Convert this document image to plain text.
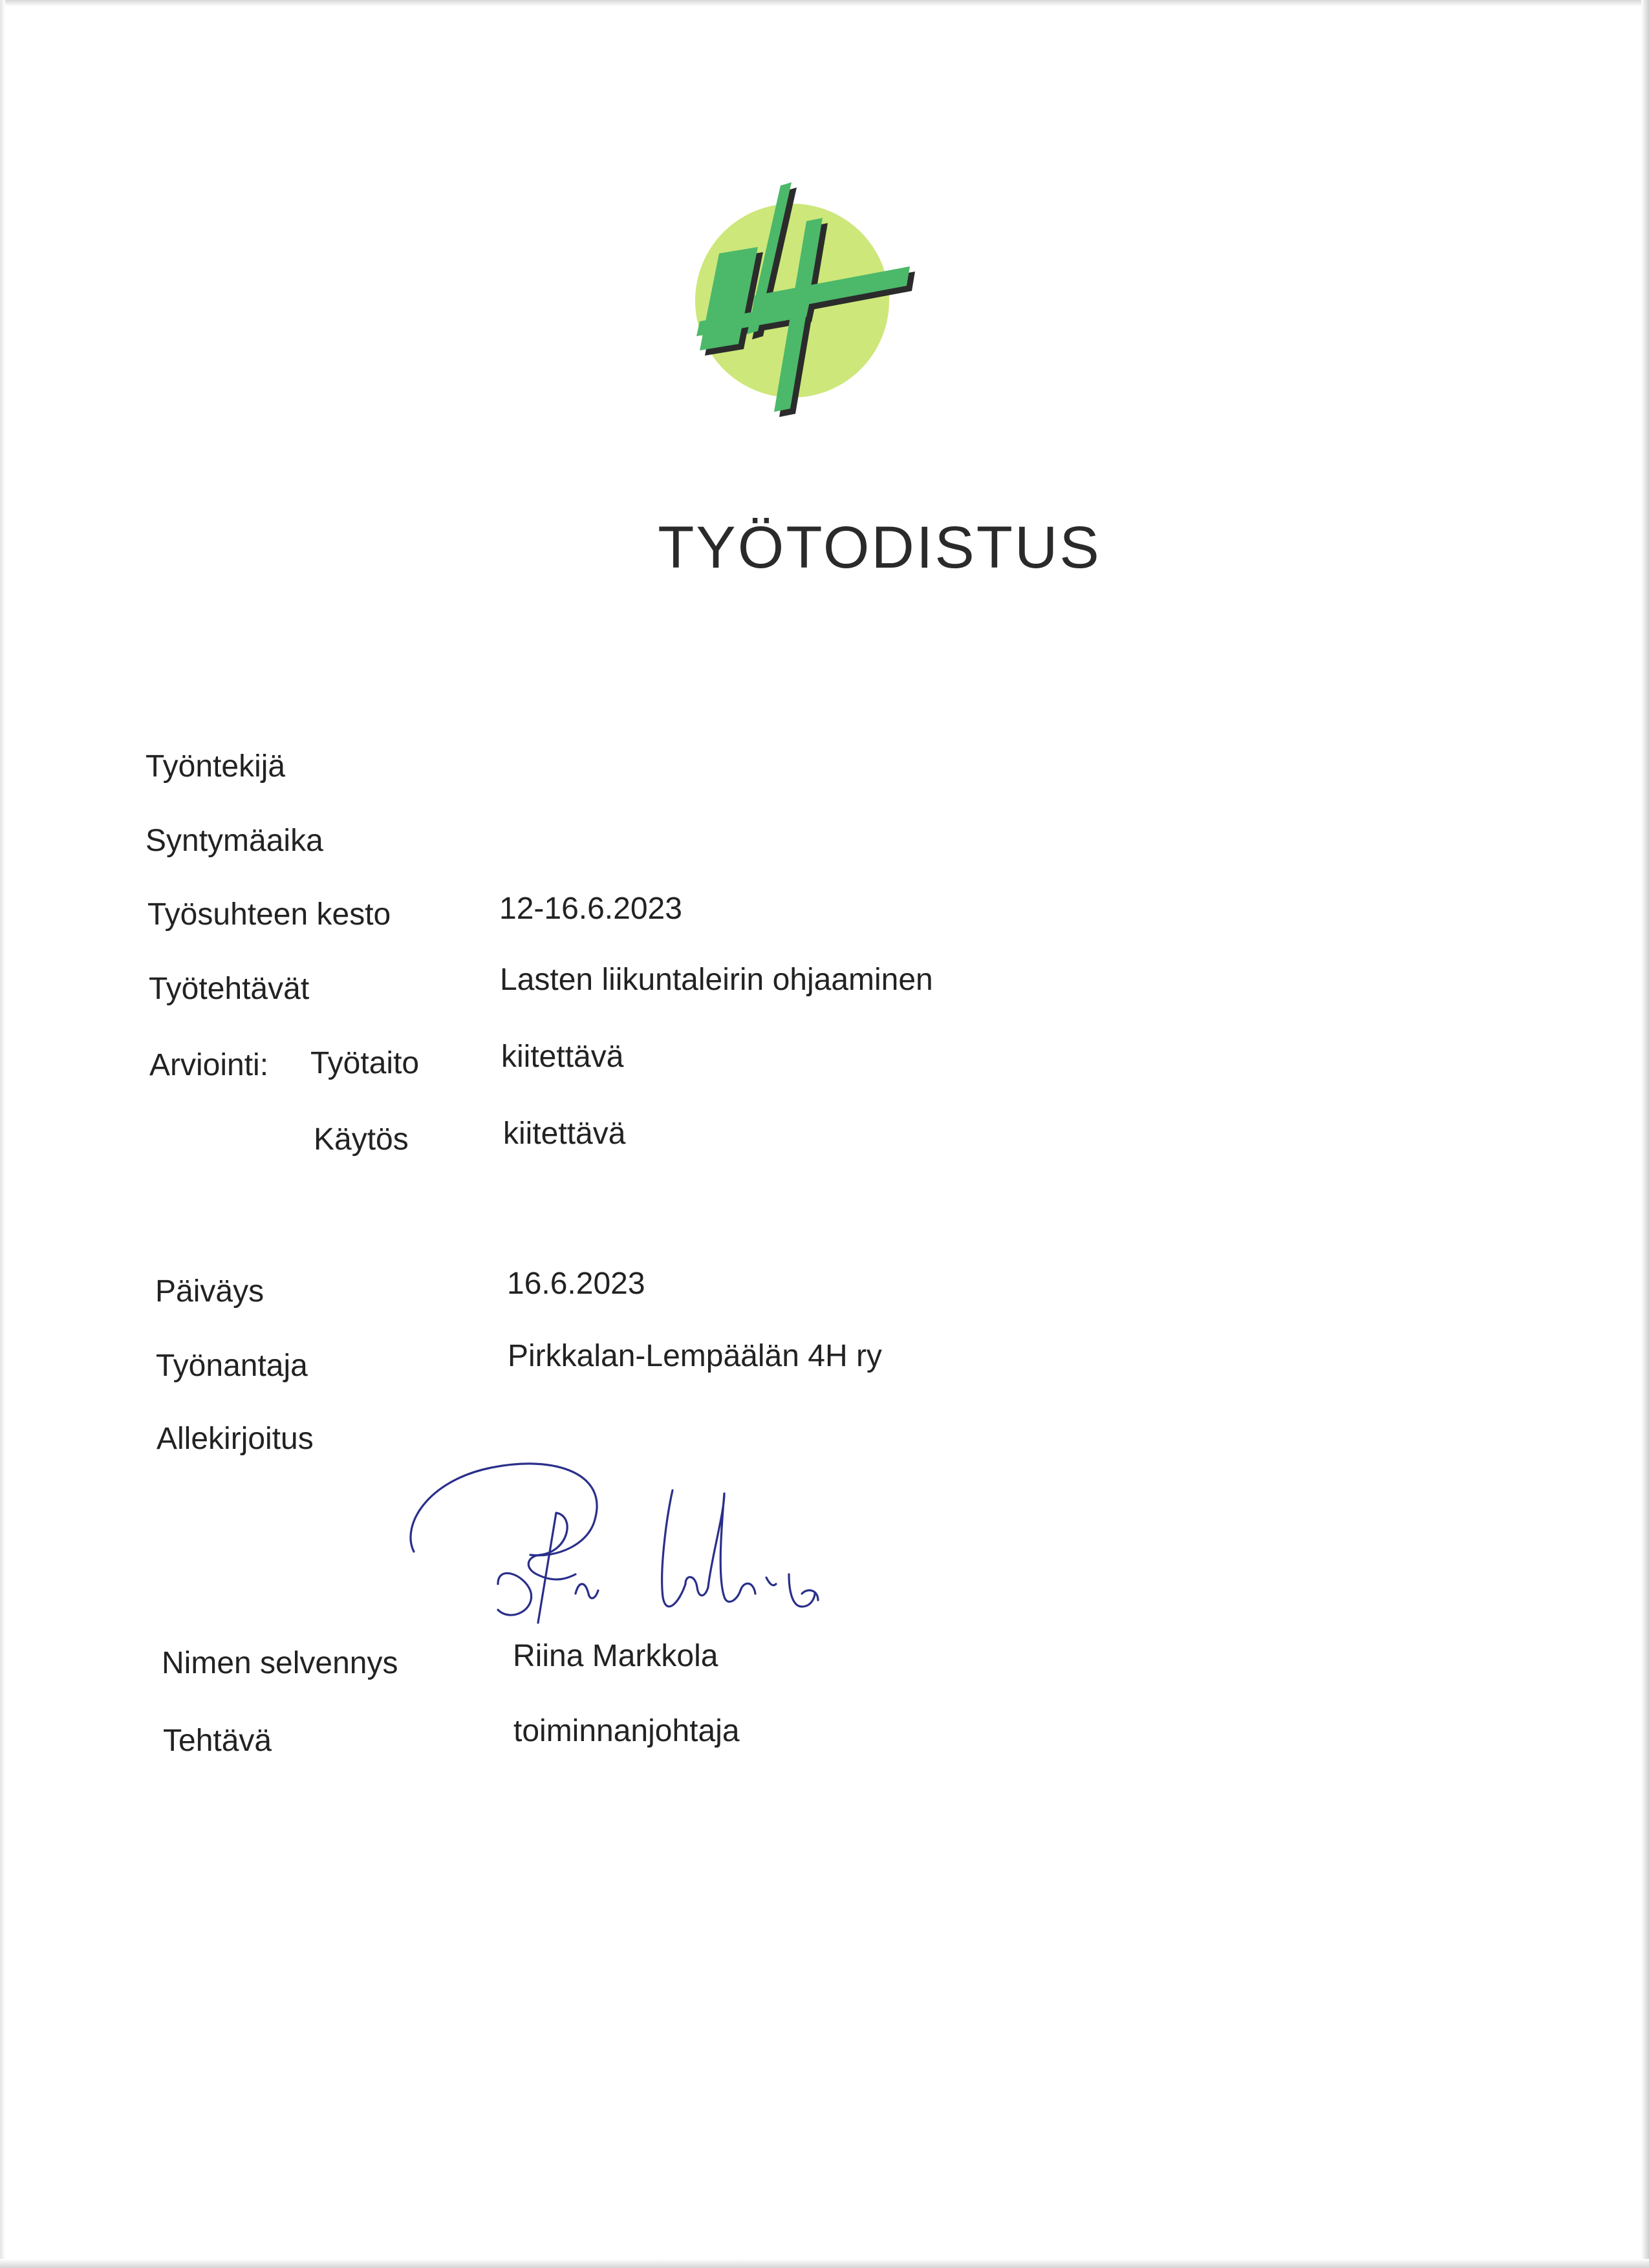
TYÖTODISTUS
Työntekijä
Syntymäaika
Työsuhteen kesto	12-16.6.2023
Työtehtävät	Lasten liikuntaleirin ohjaaminen
Arviointi: Työtaito	kiitettävä
Käytös	kiitettävä
Päiväys	16.6.2023
Työnantaja	Pirkkalan-Lempäälän 4H ry
Allekirjoitus
Nimen selvennys	Riina Markkola
Tehtävä	toiminnanjohtaja
